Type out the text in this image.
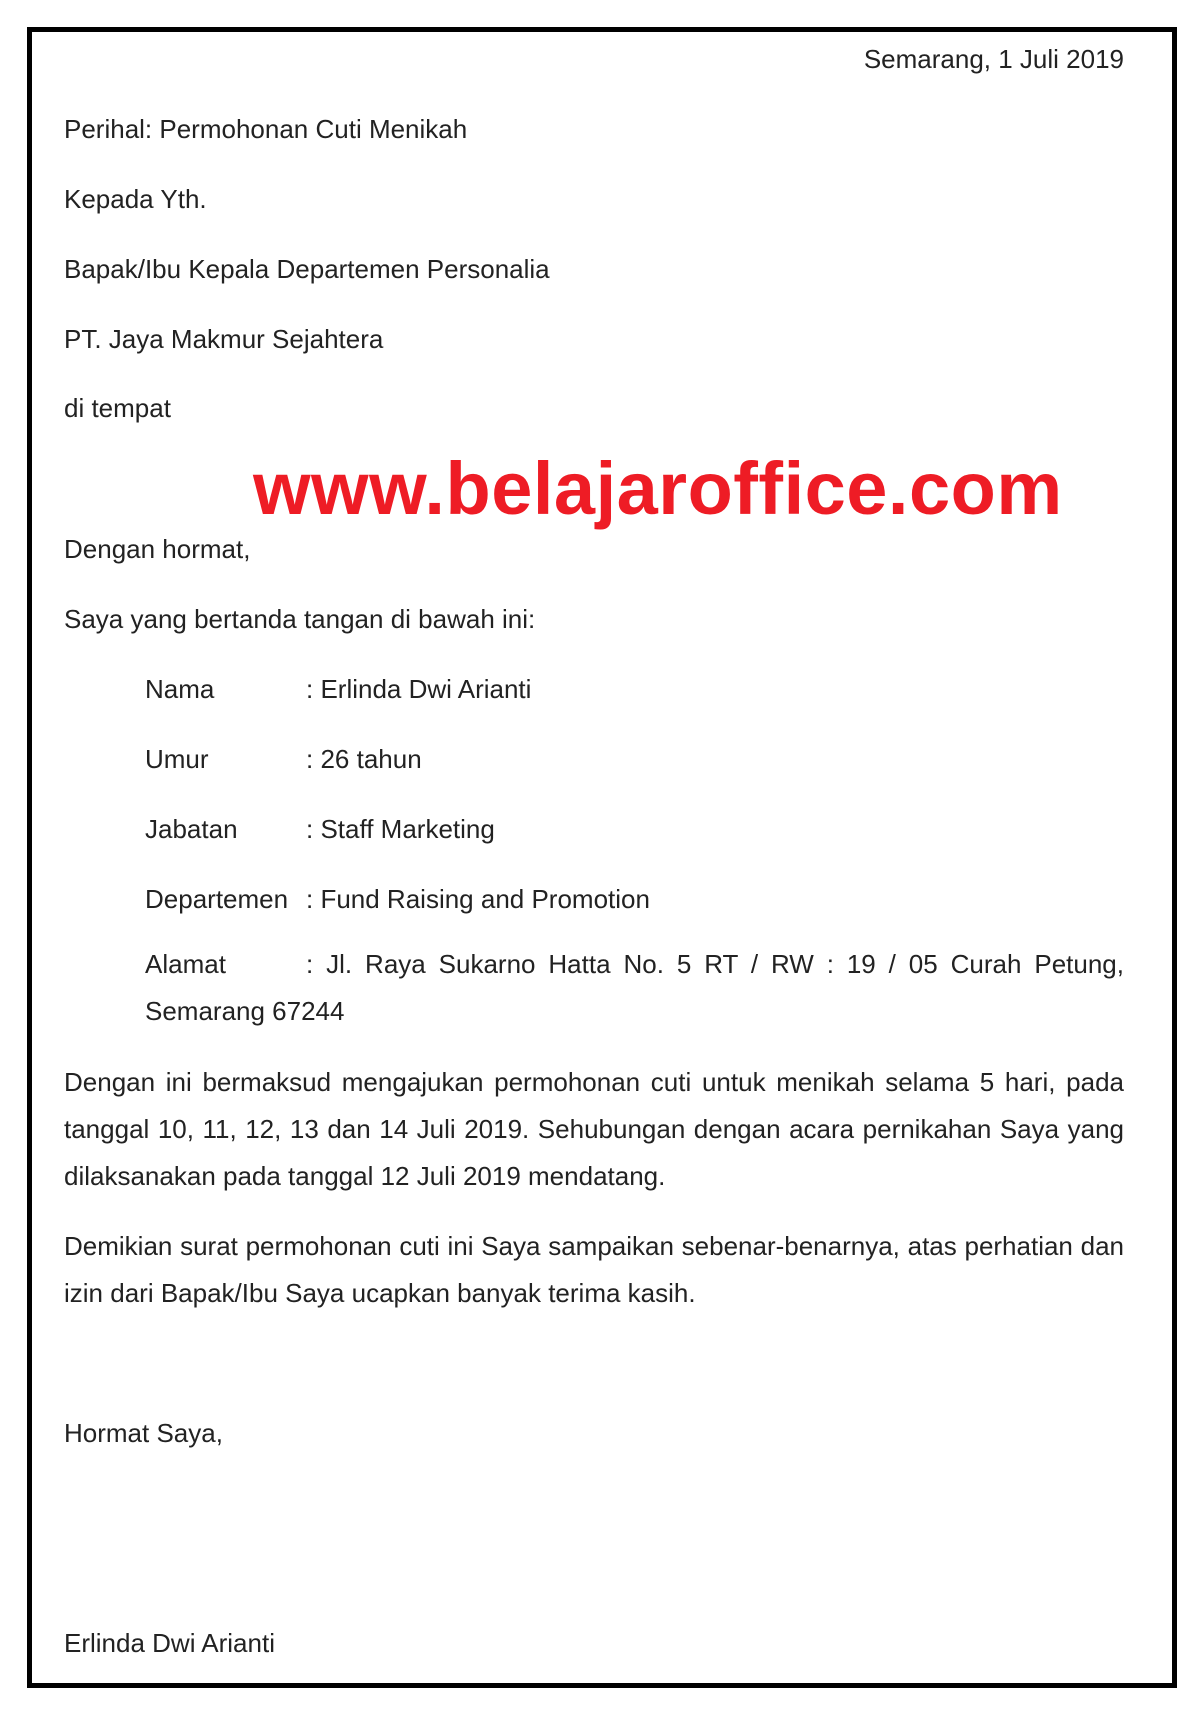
Semarang, 1 Juli 2019

Perihal: Permohonan Cuti Menikah

Kepada Yth.

Bapak/Ibu Kepala Departemen Personalia

PT. Jaya Makmur Sejahtera

di tempat

www.belajaroffice.com

Dengan hormat,

Saya yang bertanda tangan di bawah ini:

Nama	: Erlinda Dwi Arianti

Umur	: 26 tahun

Jabatan	: Staff Marketing

Departemen : Fund Raising and Promotion

Alamat	: Jl. Raya Sukarno Hatta No. 5 RT / RW : 19 / 05 Curah Petung, Semarang 67244

Dengan ini bermaksud mengajukan permohonan cuti untuk menikah selama 5 hari, pada tanggal 10, 11, 12, 13 dan 14 Juli 2019. Sehubungan dengan acara pernikahan Saya yang dilaksanakan pada tanggal 12 Juli 2019 mendatang.

Demikian surat permohonan cuti ini Saya sampaikan sebenar-benarnya, atas perhatian dan izin dari Bapak/Ibu Saya ucapkan banyak terima kasih.

Hormat Saya,

Erlinda Dwi Arianti
